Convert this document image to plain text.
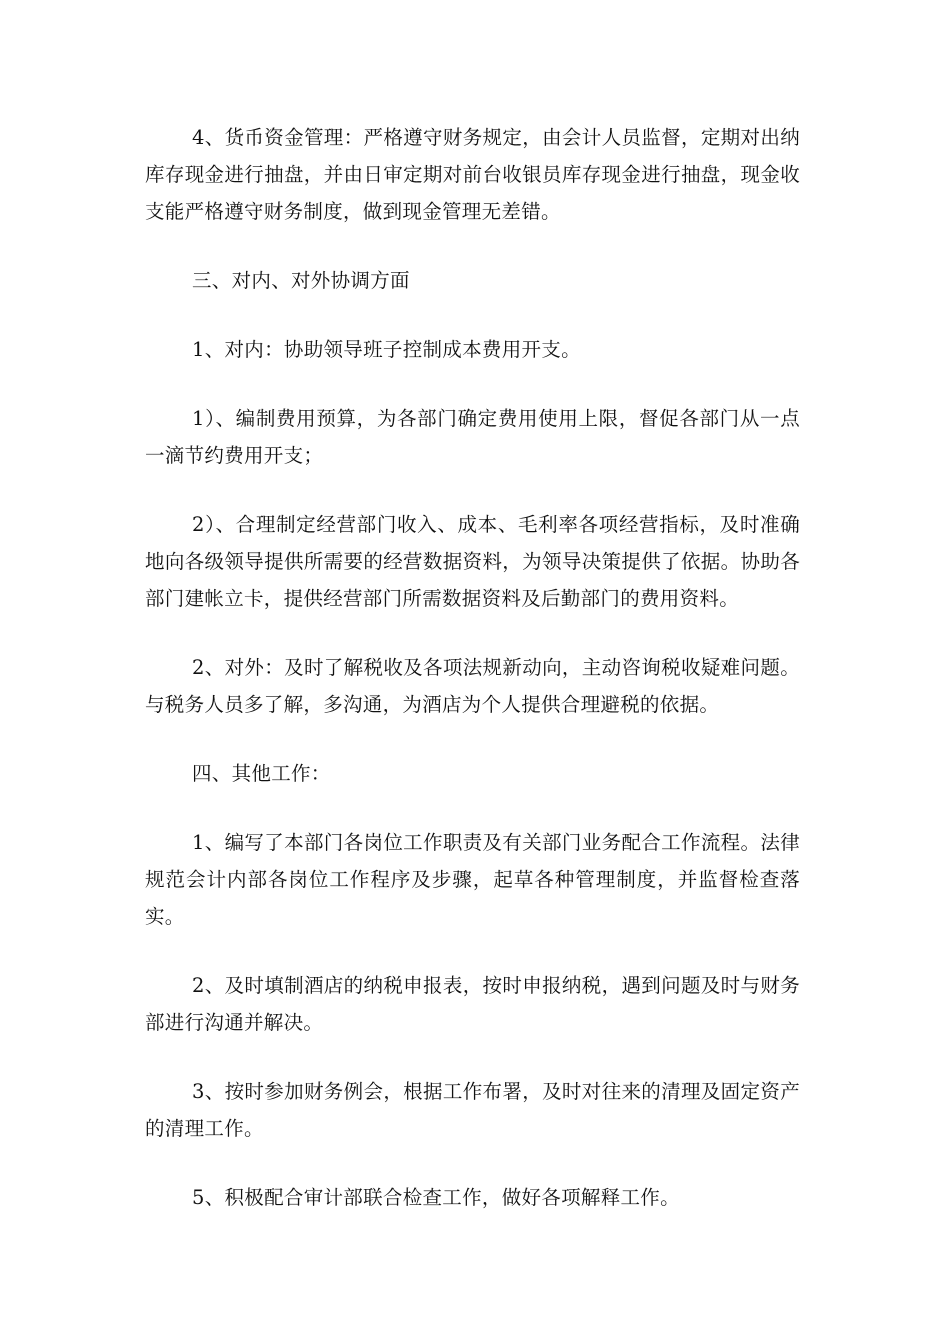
4、货币资金管理：严格遵守财务规定，由会计人员监督，定期对出纳库存现金进行抽盘，并由日审定期对前台收银员库存现金进行抽盘，现金收支能严格遵守财务制度，做到现金管理无差错。

三、对内、对外协调方面

1、对内：协助领导班子控制成本费用开支。

1）、编制费用预算，为各部门确定费用使用上限，督促各部门从一点一滴节约费用开支；

2）、合理制定经营部门收入、成本、毛利率各项经营指标，及时准确地向各级领导提供所需要的经营数据资料，为领导决策提供了依据。协助各部门建帐立卡，提供经营部门所需数据资料及后勤部门的费用资料。

2、对外：及时了解税收及各项法规新动向，主动咨询税收疑难问题。与税务人员多了解，多沟通，为酒店为个人提供合理避税的依据。

四、其他工作：

1、编写了本部门各岗位工作职责及有关部门业务配合工作流程。法律规范会计内部各岗位工作程序及步骤，起草各种管理制度，并监督检查落实。

2、及时填制酒店的纳税申报表，按时申报纳税，遇到问题及时与财务部进行沟通并解决。

3、按时参加财务例会，根据工作布署，及时对往来的清理及固定资产的清理工作。

5、积极配合审计部联合检查工作，做好各项解释工作。
